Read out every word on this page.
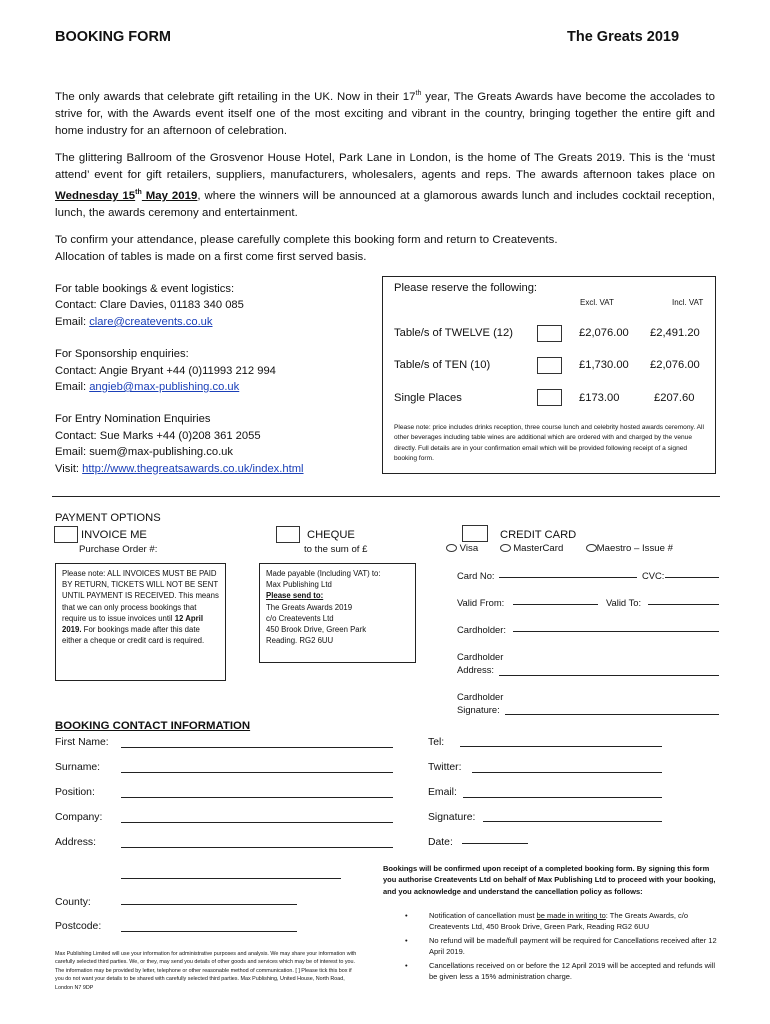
BOOKING FORM	The Greats 2019
The only awards that celebrate gift retailing in the UK. Now in their 17th year, The Greats Awards have become the accolades to strive for, with the Awards event itself one of the most exciting and vibrant in the country, bringing together the entire gift and home industry for an afternoon of celebration.
The glittering Ballroom of the Grosvenor House Hotel, Park Lane in London, is the home of The Greats 2019. This is the ‘must attend’ event for gift retailers, suppliers, manufacturers, wholesalers, agents and reps. The awards afternoon takes place on Wednesday 15th May 2019, where the winners will be announced at a glamorous awards lunch and includes cocktail reception, lunch, the awards ceremony and entertainment.
To confirm your attendance, please carefully complete this booking form and return to Createvents.
Allocation of tables is made on a first come first served basis.
For table bookings & event logistics:
Contact: Clare Davies, 01183 340 085
Email: clare@createvents.co.uk
For Sponsorship enquiries:
Contact: Angie Bryant +44 (0)11993 212 994
Email: angieb@max-publishing.co.uk
For Entry Nomination Enquiries
Contact: Sue Marks +44 (0)208 361 2055
Email: suem@max-publishing.co.uk
Visit: http://www.thegreatsawards.co.uk/index.html
Please reserve the following:
Excl. VAT	Incl. VAT
Table/s of TWELVE (12)	£2,076.00 £2,491.20
Table/s of TEN (10)	£1,730.00 £2,076.00
Single Places	£173.00	£207.60
Please note: price includes drinks reception, three course lunch and celebrity hosted awards ceremony. All other beverages including table wines are additional which are ordered with and charged by the venue directly. Full details are in your confirmation email which will be provided following receipt of a signed booking form.
PAYMENT OPTIONS
INVOICE ME
Purchase Order #:
CHEQUE
to the sum of £
CREDIT CARD
Visa	MasterCard	Maestro – Issue #
Please note: ALL INVOICES MUST BE PAID BY RETURN, TICKETS WILL NOT BE SENT UNTIL PAYMENT IS RECEIVED. This means that we can only process bookings that require us to issue invoices until 12 April 2019. For bookings made after this date either a cheque or credit card is required.
Made payable (Including VAT) to:
Max Publishing Ltd
Please send to:
The Greats Awards 2019
c/o Createvents Ltd
450 Brook Drive, Green Park
Reading. RG2 6UU
Card No:	CVC:
Valid From:	Valid To:
Cardholder:
Cardholder
Address:
Cardholder
Signature:
BOOKING CONTACT INFORMATION
First Name:
Surname:
Position:
Company:
Address:
County:
Postcode:
Tel:
Twitter:
Email:
Signature:
Date:
Bookings will be confirmed upon receipt of a completed booking form. By signing this form you authorise Createvents Ltd on behalf of Max Publishing Ltd to proceed with your booking, and you acknowledge and understand the cancellation policy as follows:
• Notification of cancellation must be made in writing to: The Greats Awards, c/o Createvents Ltd, 450 Brook Drive, Green Park, Reading RG2 6UU
• No refund will be made/full payment will be required for Cancellations received after 12 April 2019.
• Cancellations received on or before the 12 April 2019 will be accepted and refunds will be given less a 15% administration charge.
Max Publishing Limited will use your information for administrative purposes and analysis. We may share your information with carefully selected third parties. We, or they, may send you details of other goods and services which may be of interest to you. The information may be provided by letter, telephone or other reasonable method of communication. [ ] Please tick this box if you do not want your details to be shared with carefully selected third parties. Max Publishing, United House, North Road, London N7 9DP
